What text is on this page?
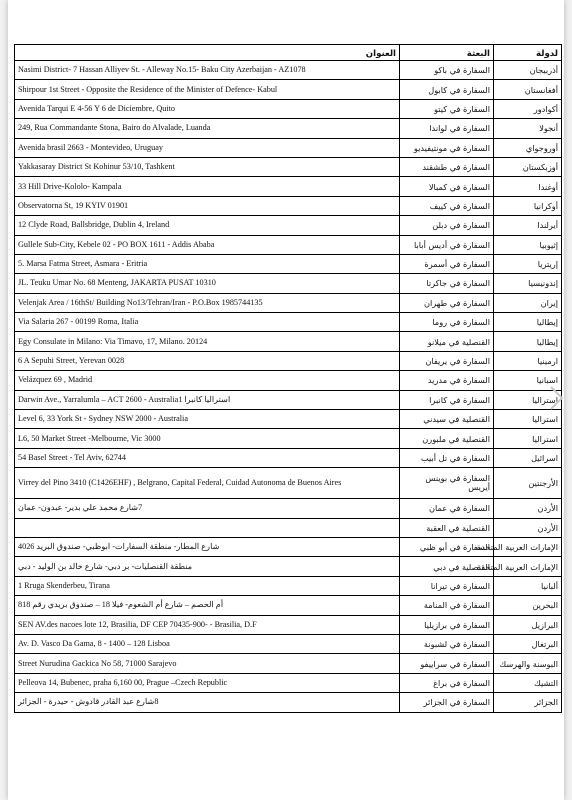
العنوان	البعثة	لدولة
Nasimi District- 7 Hassan Alliyev St. - Alleway No.15- Baku City Azerbaijan - AZ1078	السفارة في باكو	أذربيجان
Shirpour 1st Street - Opposite the Residence of the Minister of Defence- Kabul	السفارة في كابول	أفغانستان
Avenida Tarqui E 4-56 Y 6 de Diciembre, Quito	السفارة في كيتو	أكوادور
249, Rua Commandante Stona, Bairo do Alvalade, Luanda	السفارة في لواندا	أنجولا
Avenida brasil 2663 - Montevideo, Uruguay	السفارة في مونتيفيديو	أوروجواي
Yakkasaray District St Kohinur 53/10, Tashkent	السفارة في طشقند	أوزبكستان
33 Hill Drive-Kololo- Kampala	السفارة في كمبالا	أوغندا
Observatorna St, 19 KYIV 01901	السفارة في كييف	أوكرانيا
12 Clyde Road, Ballsbridge, Dublin 4, Ireland	السفارة في دبلن	أيرلندا
Gullele Sub-City, Kebele 02 - PO BOX 1611 - Addis Ababa	السفارة في أديس أبابا	إثيوبيا
5. Marsa Fatma Street, Asmara - Eritria	السفارة في أسمرة	إريتريا
JL. Teuku Umar No. 68 Menteng, JAKARTA PUSAT 10310	السفارة في جاكرتا	إندونيسيا
Velenjak Area / 16thSt/ Building No13/Tehran/Iran - P.O.Box 1985744135	السفارة في طهران	إيران
Via Salaria 267 - 00199 Roma, Italia	السفارة في روما	إيطاليا
Egy Consulate in Milano: Via Timavo, 17, Milano. 20124	القنصلية في ميلانو	إيطاليا
6 A Sepuhi Street, Yerevan 0028	السفارة في يريفان	ارمينيا
Velázquez 69 , Madrid	السفارة في مدريد	اسبانيا
Darwin Ave., Yarralumla – ACT 2600 - Australia1 استراليا كانبرا	السفارة في كانبرا	استراليا
Level 6, 33 York St - Sydney NSW 2000 - Australia	القنصلية في سيدني	استراليا
L6, 50 Market Street -Melbourne, Vic 3000	القنصلية في ملبورن	استراليا
54 Basel Street - Tel Aviv, 62744	السفارة في تل أبيب	اسرائيل
Virrey del Pino 3410 (C1426EHF) , Belgrano, Capital Federal, Cuidad Autonoma de Buenos Aires	السفارة في بوينس أيريس	الأرجنتين
7شارع محمد علي بدير- عبدون- عمان	السفارة في عمان	الأردن
	القنصلية في العقبة	الأردن
شارع المطار- منطقة السفارات- ابوظبي- صندوق البريد 4026	السفارة في أبو ظبي	الإمارات العربية المتحدة
منطقة القنصليات- بر دبي- شارع خالد بن الوليد - دبي	القنصلية في دبي	الإمارات العربية المتحدة
1 Rruga Skenderbeu, Tirana	السفارة في تيرانا	ألبانيا
أم الحصم – شارع أم الشعوم- فيلا 18 – صندوق بريدي رقم 818	السفارة في المنامة	البحرين
SEN AV.des nacoes lote 12, Brasilia, DF CEP 70435-900- - Brasilia, D.F	السفارة في برازيليا	البرازيل
Av. D. Vasco Da Gama, 8 - 1400 – 128 Lisboa	السفارة في لشبونة	البرتغال
Street Nurudina Gackica No 58, 71000 Sarajevo	السفارة في سراييفو	البوسنة والهرسك
Pelleova 14, Bubenec, praha 6,160 00, Prague –Czech Republic	السفارة في براغ	التشيك
8شارع عبد القادر قادوش - حيدرة - الجزائر	السفارة في الجزائر	الجزائر
